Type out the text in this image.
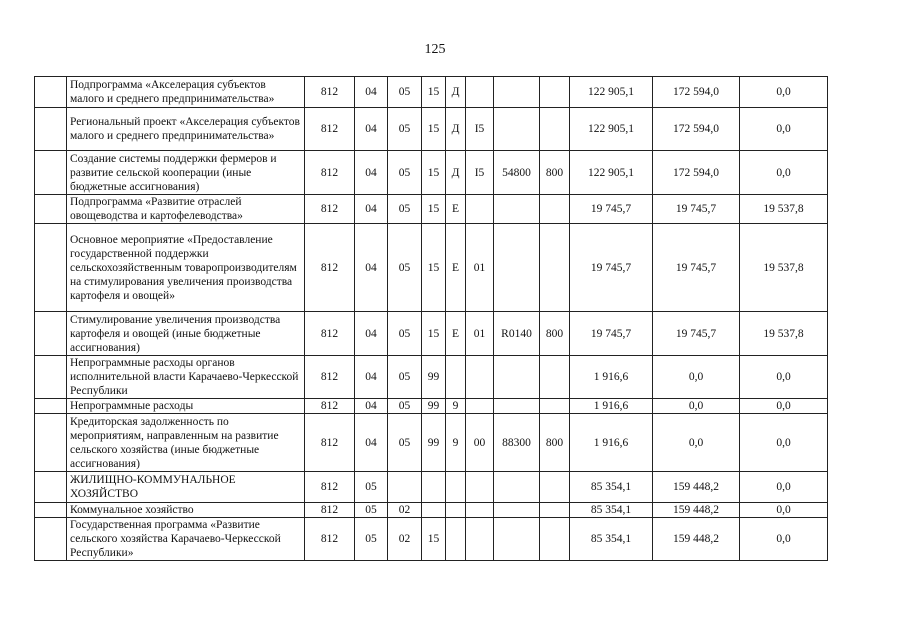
125
	Подпрограмма «Акселерация субъектов малого и среднего предпринимательства»	812	04	05	15	Д				122 905,1	172 594,0	0,0
	Региональный проект «Акселерация субъектов малого и среднего предпринимательства»	812	04	05	15	Д	I5			122 905,1	172 594,0	0,0
	Создание системы поддержки фермеров и развитие сельской кооперации (иные бюджетные ассигнования)	812	04	05	15	Д	I5	54800	800	122 905,1	172 594,0	0,0
	Подпрограмма «Развитие отраслей овощеводства и картофелеводства»	812	04	05	15	Е				19 745,7	19 745,7	19 537,8
	Основное мероприятие «Предоставление государственной поддержки сельскохозяйственным товаропроизводителям на стимулирования увеличения производства картофеля и овощей»	812	04	05	15	Е	01			19 745,7	19 745,7	19 537,8
	Стимулирование увеличения производства картофеля и овощей (иные бюджетные ассигнования)	812	04	05	15	Е	01	R0140	800	19 745,7	19 745,7	19 537,8
	Непрограммные расходы органов исполнительной власти Карачаево-Черкесской Республики	812	04	05	99					1 916,6	0,0	0,0
	Непрограммные расходы	812	04	05	99	9				1 916,6	0,0	0,0
	Кредиторская задолженность по мероприятиям, направленным на развитие сельского хозяйства (иные бюджетные ассигнования)	812	04	05	99	9	00	88300	800	1 916,6	0,0	0,0
	ЖИЛИЩНО-КОММУНАЛЬНОЕ ХОЗЯЙСТВО	812	05							85 354,1	159 448,2	0,0
	Коммунальное хозяйство	812	05	02						85 354,1	159 448,2	0,0
	Государственная программа «Развитие сельского хозяйства Карачаево-Черкесской Республики»	812	05	02	15					85 354,1	159 448,2	0,0
